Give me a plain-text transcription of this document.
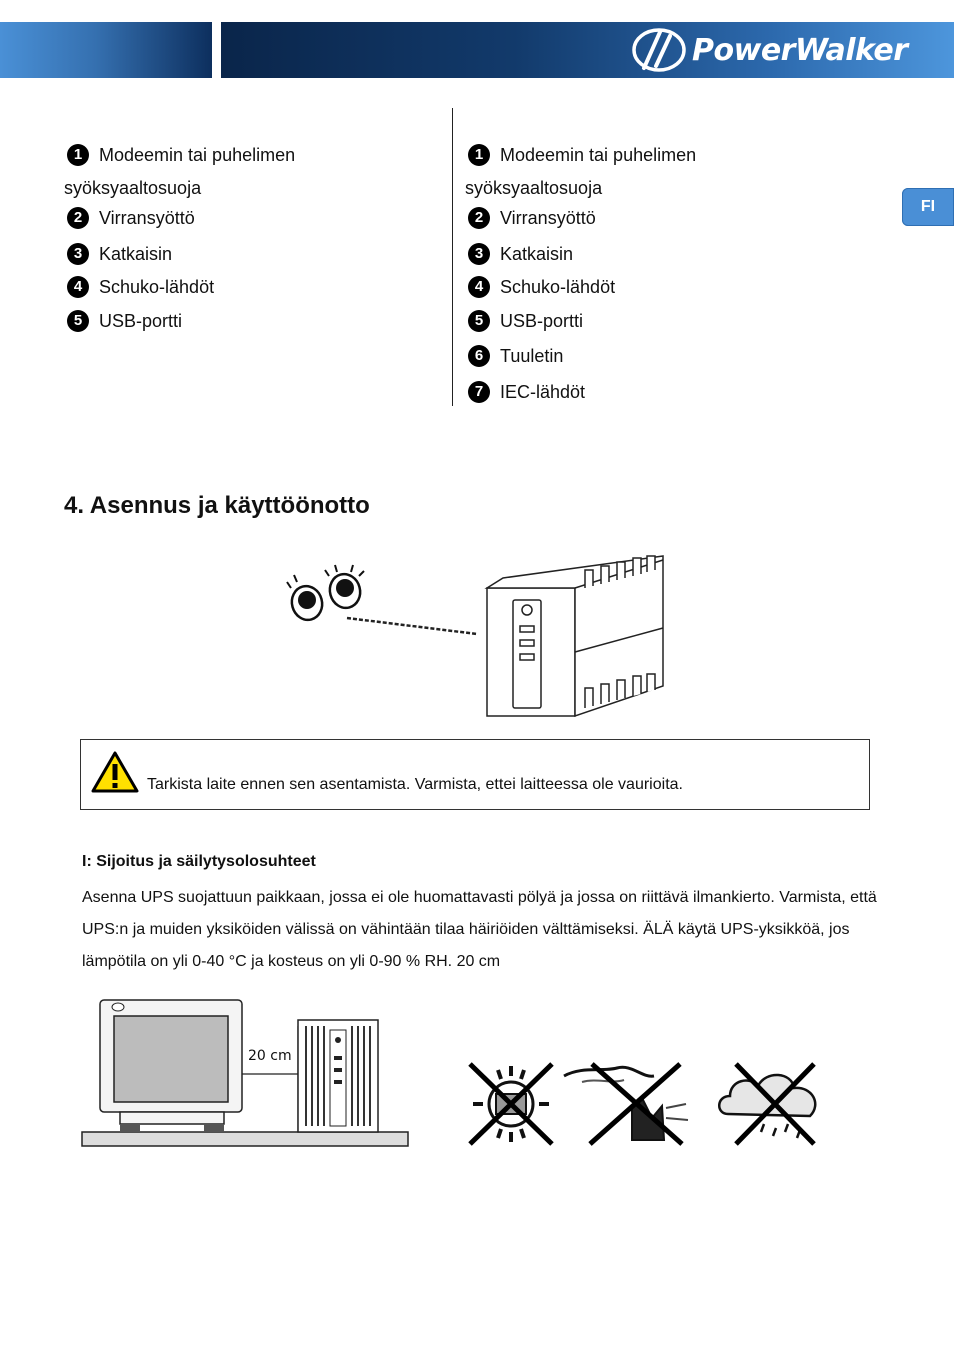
PowerWalker
FI
1 Modeemin tai puhelimen
syöksyaaltosuoja
2 Virransyöttö
3 Katkaisin
4 Schuko-lähdöt
5 USB-portti
1 Modeemin tai puhelimen
syöksyaaltosuoja
2 Virransyöttö
3 Katkaisin
4 Schuko-lähdöt
5 USB-portti
6 Tuuletin
7 IEC-lähdöt
4. Asennus ja käyttöönotto
Tarkista laite ennen sen asentamista. Varmista, ettei laitteessa ole vaurioita.
I: Sijoitus ja säilytysolosuhteet
Asenna UPS suojattuun paikkaan, jossa ei ole huomattavasti pölyä ja jossa on riittävä ilmankierto. Varmista, että UPS:n ja muiden yksiköiden välissä on vähintään tilaa häiriöiden välttämiseksi. ÄLÄ käytä UPS-yksikköä, jos lämpötila on yli 0-40 °C ja kosteus on yli 0-90 % RH. 20 cm
20 cm
